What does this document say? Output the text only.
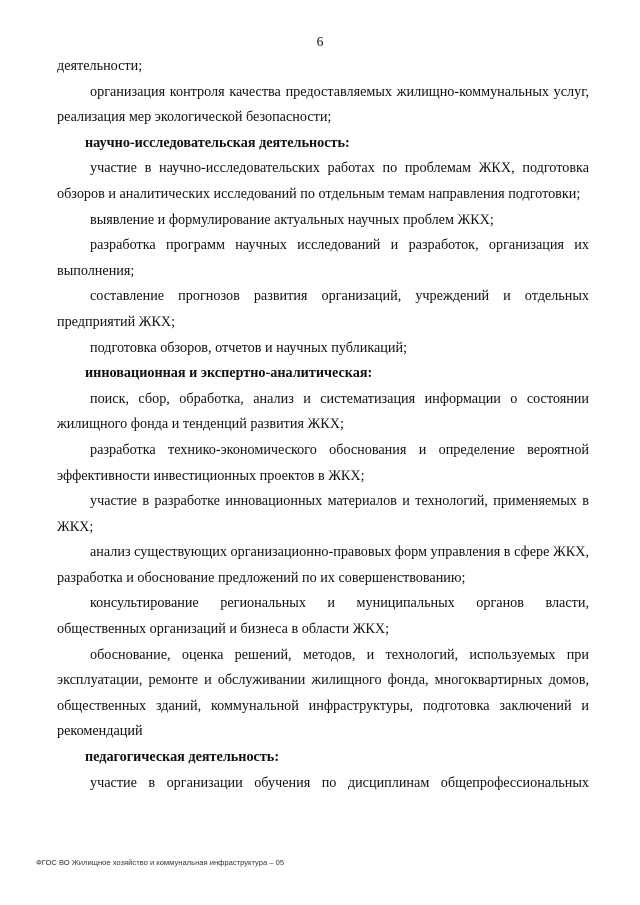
6

деятельности;

организация контроля качества предоставляемых жилищно-коммунальных услуг, реализация мер экологической безопасности;

научно-исследовательская деятельность:

участие в научно-исследовательских работах по проблемам ЖКХ, подготовка обзоров и аналитических исследований по отдельным темам направления подготовки;

выявление и формулирование актуальных научных проблем ЖКХ;

разработка программ научных исследований и разработок, организация их выполнения;

составление прогнозов развития организаций, учреждений и отдельных предприятий ЖКХ;

подготовка обзоров, отчетов и научных публикаций;

инновационная и экспертно-аналитическая:

поиск, сбор, обработка, анализ и систематизация информации о состоянии жилищного фонда и тенденций развития ЖКХ;

разработка технико-экономического обоснования и определение вероятной эффективности инвестиционных проектов в ЖКХ;

участие в разработке инновационных материалов и технологий, применяемых в ЖКХ;

анализ существующих организационно-правовых форм управления в сфере ЖКХ, разработка и обоснование предложений по их совершенствованию;

консультирование региональных и муниципальных органов власти, общественных организаций и бизнеса в области ЖКХ;

обоснование, оценка решений, методов, и технологий, используемых при эксплуатации, ремонте и обслуживании жилищного фонда, многоквартирных домов, общественных зданий, коммунальной инфраструктуры, подготовка заключений и рекомендаций

педагогическая деятельность:

участие в организации обучения по дисциплинам общепрофессиональных

ФГОС ВО Жилищное хозяйство и коммунальная инфраструктура – 05
